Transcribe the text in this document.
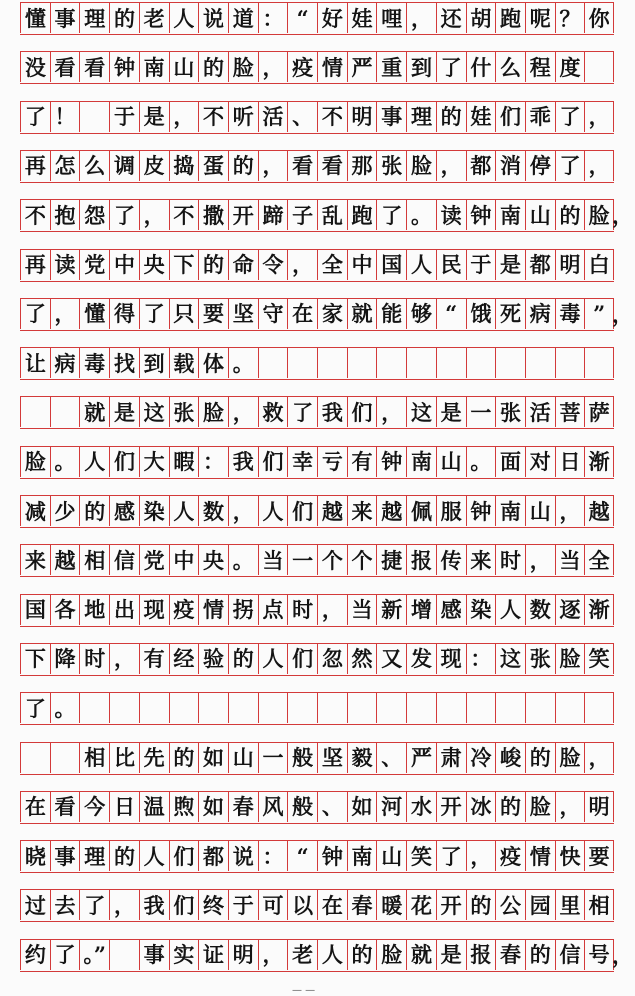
懂 事 理 的 老 人 说 道 ： “ 好 娃 哩 ， 还 胡 跑 呢 ？ 你
没 看 看 钟 南 山 的 脸 ， 疫 情 严 重 到 了 什 么 程 度
了 ！ 于 是 ， 不 听 活 、 不 明 事 理 的 娃 们 乖 了 ，
再 怎 么 调 皮 捣 蛋 的 ， 看 看 那 张 脸 ， 都 消 停 了 ，
不 抱 怨 了 ， 不 撒 开 蹄 子 乱 跑 了 。 读 钟 南 山 的 脸 ，
再 读 党 中 央 下 的 命 令 ， 全 中 国 人 民 于 是 都 明 白
了 ， 懂 得 了 只 要 坚 守 在 家 就 能 够 “ 饿 死 病 毒 ” ，
让 病 毒 找 到 载 体 。
就 是 这 张 脸 ， 救 了 我 们 ， 这 是 一 张 活 菩 萨
脸 。 人 们 大 暇 ： 我 们 幸 亏 有 钟 南 山 。 面 对 日 渐
减 少 的 感 染 人 数 ， 人 们 越 来 越 佩 服 钟 南 山 ， 越
来 越 相 信 党 中 央 。 当 一 个 个 捷 报 传 来 时 ， 当 全
国 各 地 出 现 疫 情 拐 点 时 ， 当 新 增 感 染 人 数 逐 渐
下 降 时 ， 有 经 验 的 人 们 忽 然 又 发 现 ： 这 张 脸 笑
了 。
相 比 先 的 如 山 一 般 坚 毅 、 严 肃 冷 峻 的 脸 ，
在 看 今 日 温 煦 如 春 风 般 、 如 河 水 开 冰 的 脸 ， 明
晓 事 理 的 人 们 都 说 ： “ 钟 南 山 笑 了 ， 疫 情 快 要
过 去 了 ， 我 们 终 于 可 以 在 春 暖 花 开 的 公 园 里 相
约 了 。” 事 实 证 明 ， 老 人 的 脸 就 是 报 春 的 信 号 ，
— —
